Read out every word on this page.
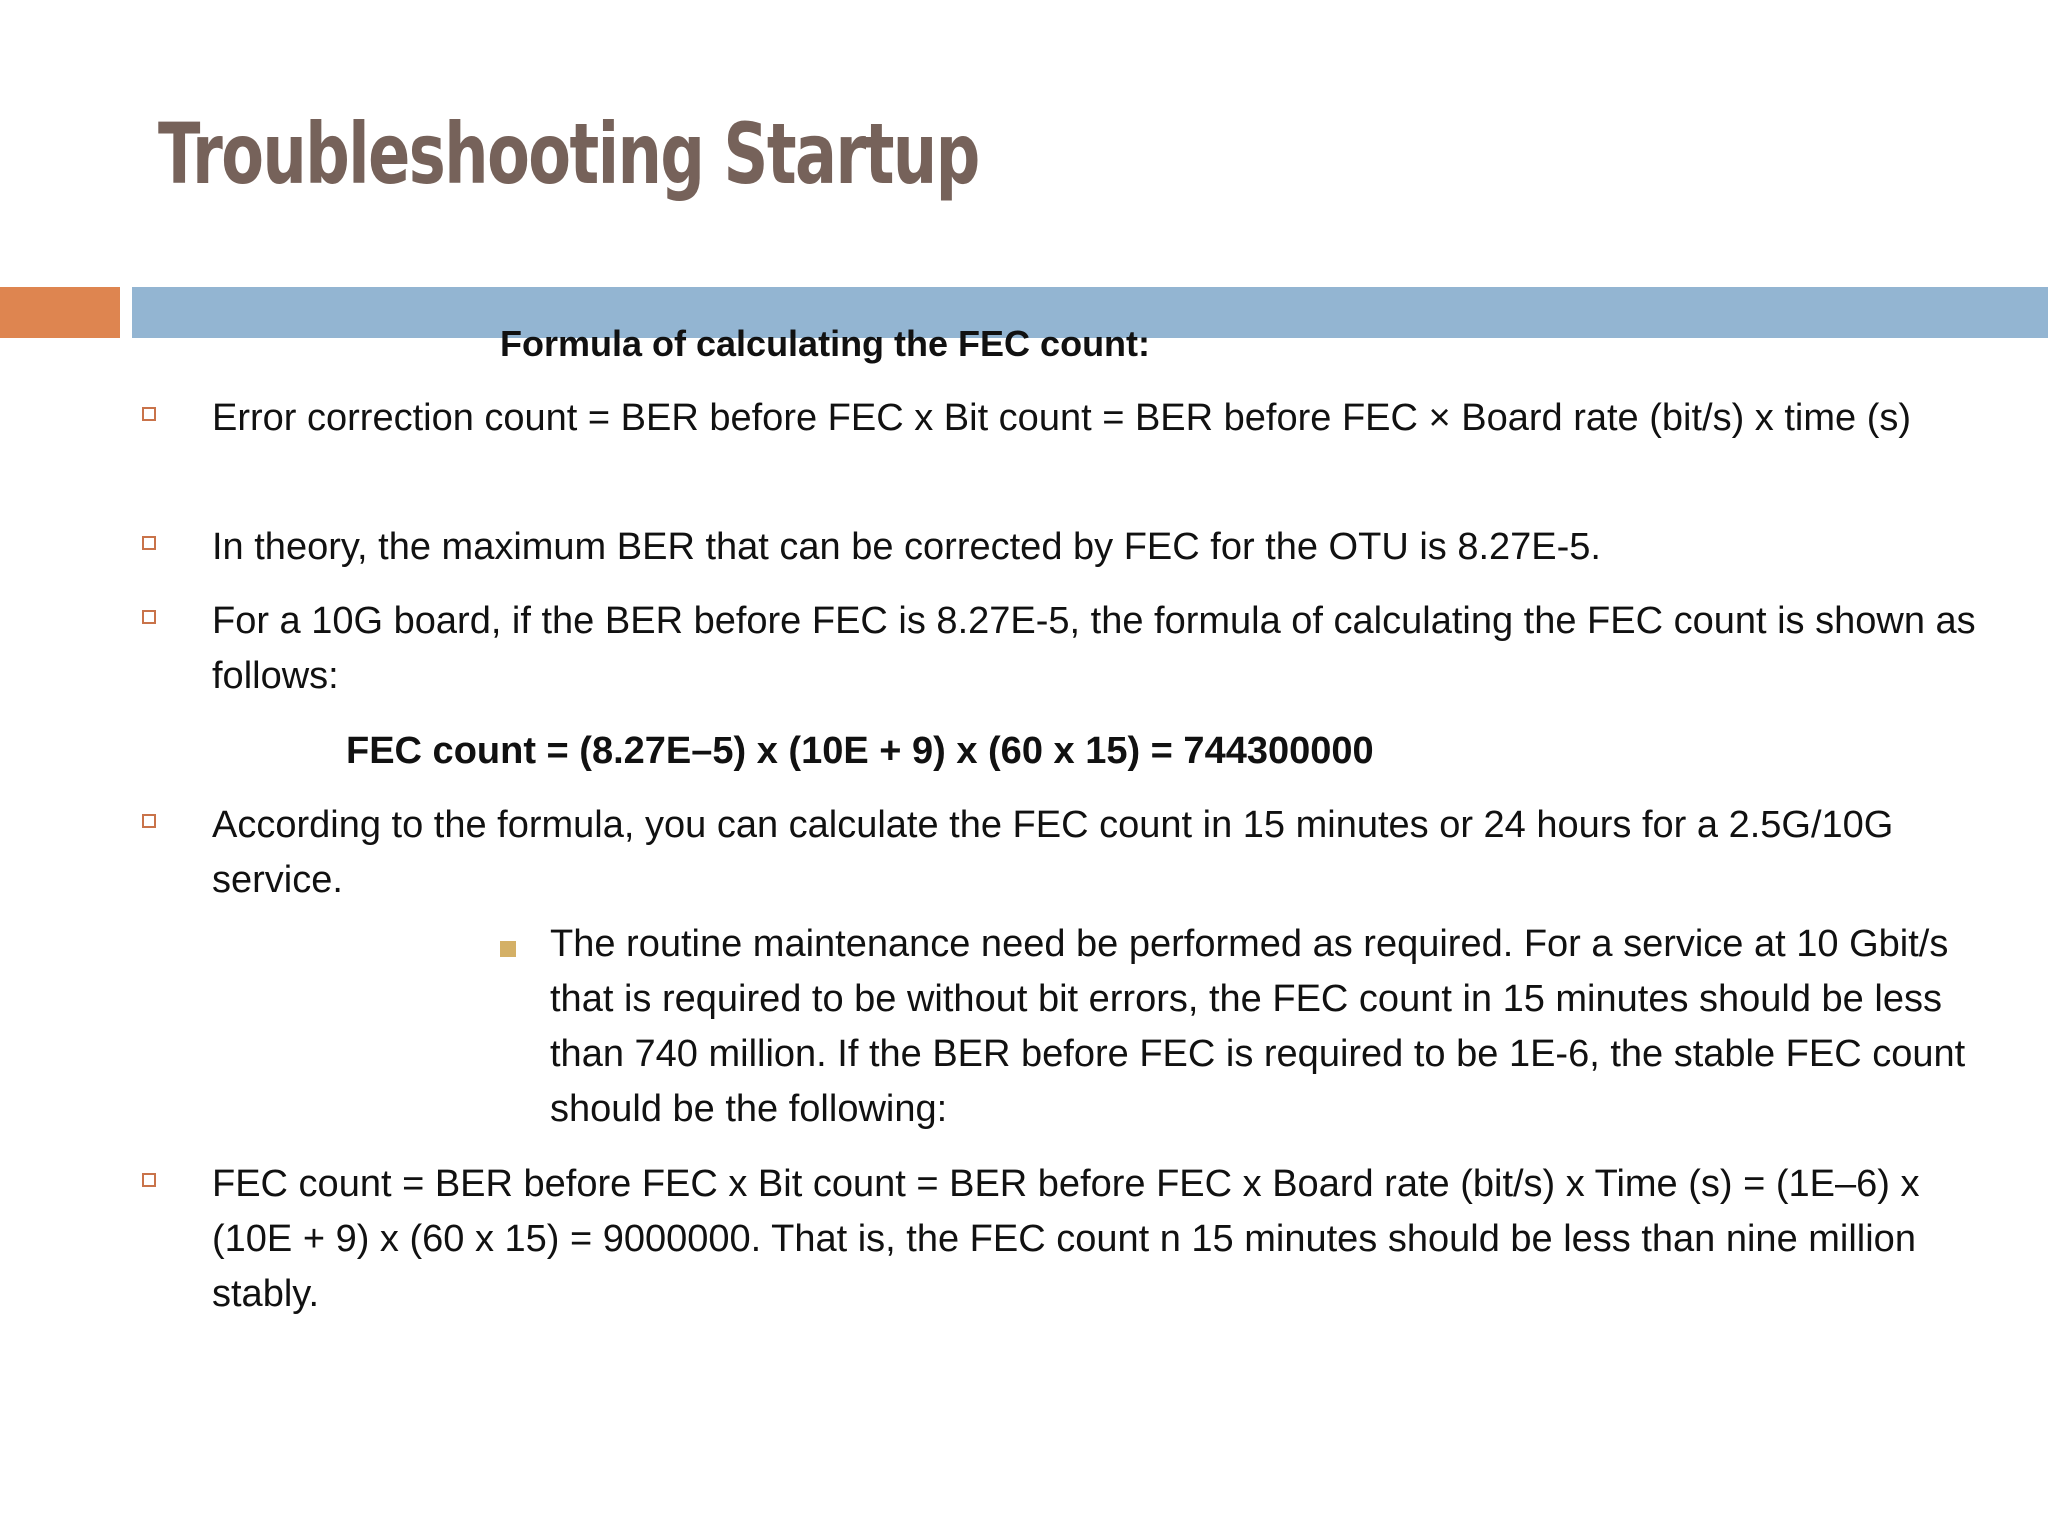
Troubleshooting Startup
Formula of calculating the FEC count:
Error correction count = BER before FEC x Bit count = BER before FEC × Board rate (bit/s) x time (s)
In theory, the maximum BER that can be corrected by FEC for the OTU is 8.27E-5.
For a 10G board, if the BER before FEC is 8.27E-5, the formula of calculating the FEC count is shown as follows:
FEC count = (8.27E–5) x (10E + 9) x (60 x 15) = 744300000
According to the formula, you can calculate the FEC count in 15 minutes or 24 hours for a 2.5G/10G service.
The routine maintenance need be performed as required. For a service at 10 Gbit/s that is required to be without bit errors, the FEC count in 15 minutes should be less than 740 million. If the BER before FEC is required to be 1E-6, the stable FEC count should be the following:
FEC count = BER before FEC x Bit count = BER before FEC x Board rate (bit/s) x Time (s) = (1E–6) x (10E + 9) x (60 x 15) = 9000000. That is, the FEC count n 15 minutes should be less than nine million stably.
